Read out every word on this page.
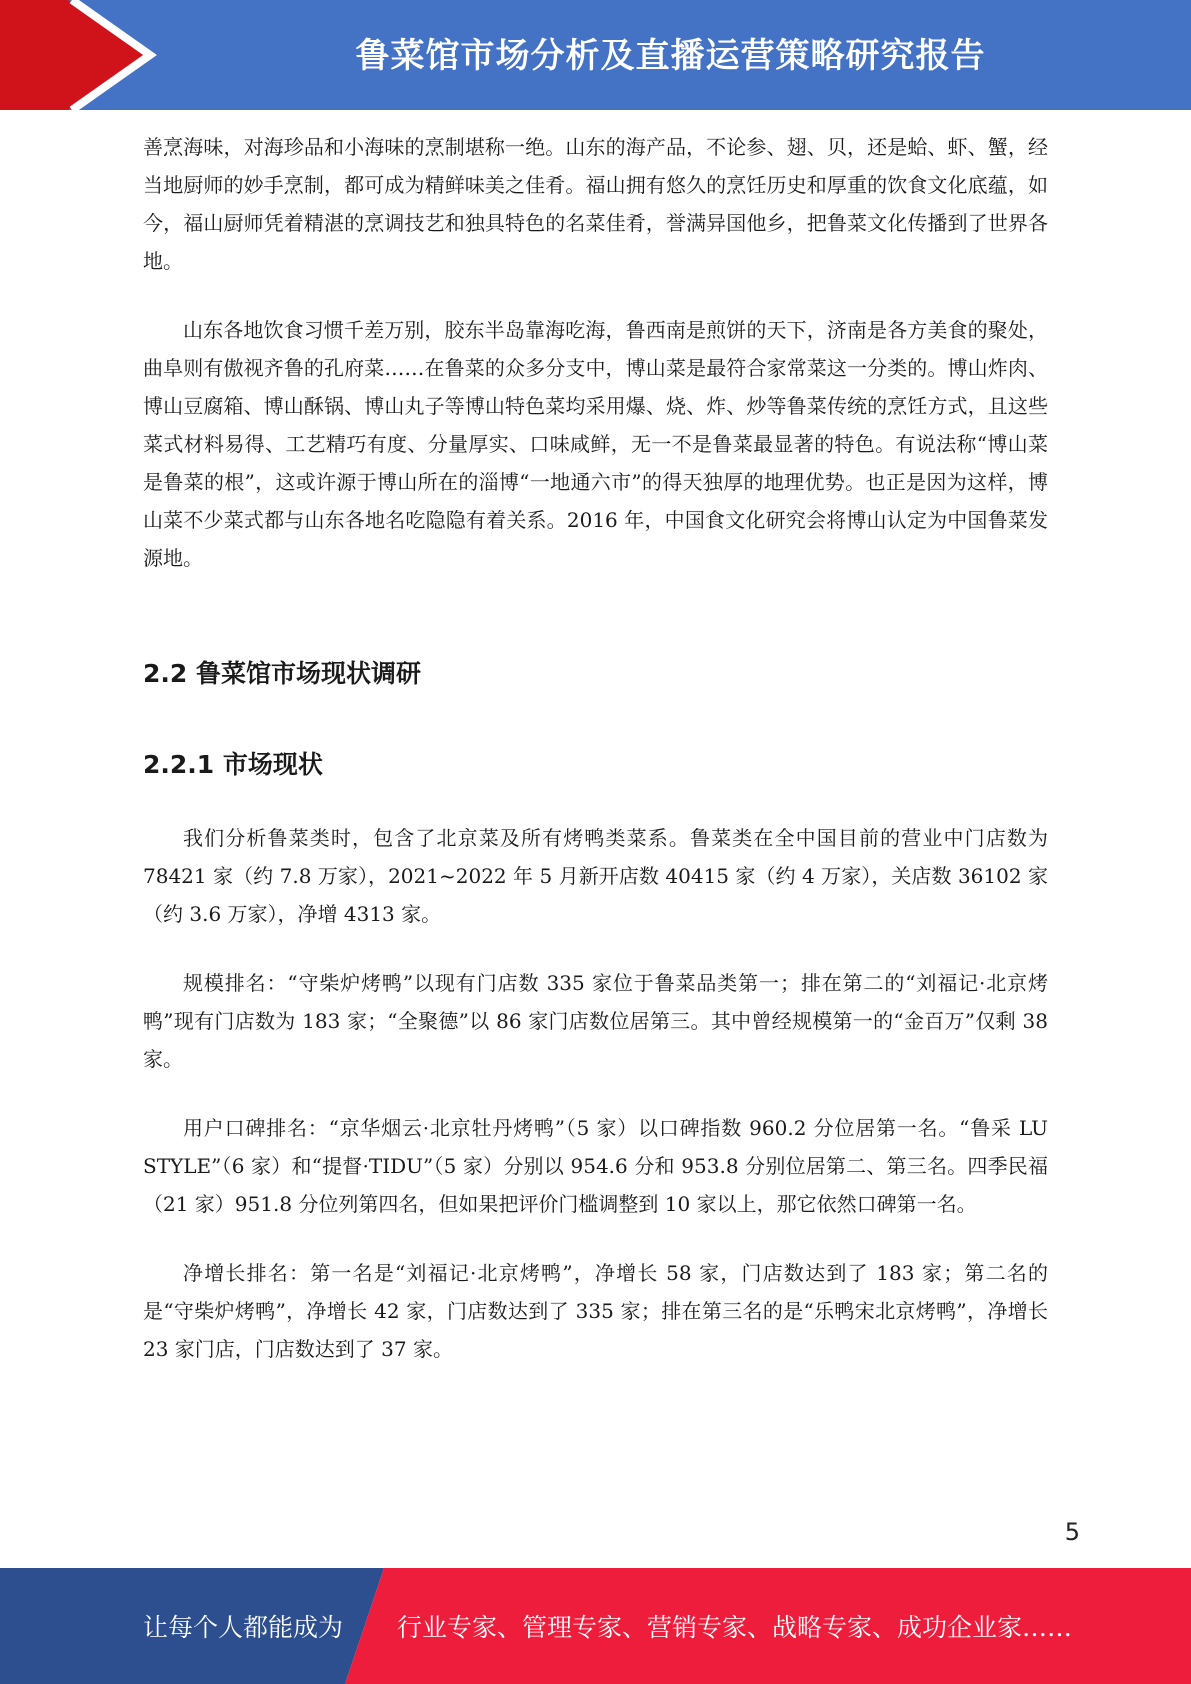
鲁菜馆市场分析及直播运营策略研究报告

善烹海味，对海珍品和小海味的烹制堪称一绝。山东的海产品，不论参、翅、贝，还是蛤、虾、蟹，经当地厨师的妙手烹制，都可成为精鲜味美之佳肴。福山拥有悠久的烹饪历史和厚重的饮食文化底蕴，如今，福山厨师凭着精湛的烹调技艺和独具特色的名菜佳肴，誉满异国他乡，把鲁菜文化传播到了世界各地。

山东各地饮食习惯千差万别，胶东半岛靠海吃海，鲁西南是煎饼的天下，济南是各方美食的聚处，曲阜则有傲视齐鲁的孔府菜……在鲁菜的众多分支中，博山菜是最符合家常菜这一分类的。博山炸肉、博山豆腐箱、博山酥锅、博山丸子等博山特色菜均采用爆、烧、炸、炒等鲁菜传统的烹饪方式，且这些菜式材料易得、工艺精巧有度、分量厚实、口味咸鲜，无一不是鲁菜最显著的特色。有说法称“博山菜是鲁菜的根”，这或许源于博山所在的淄博“一地通六市”的得天独厚的地理优势。也正是因为这样，博山菜不少菜式都与山东各地名吃隐隐有着关系。2016 年，中国食文化研究会将博山认定为中国鲁菜发源地。

2.2 鲁菜馆市场现状调研
2.2.1 市场现状

我们分析鲁菜类时，包含了北京菜及所有烤鸭类菜系。鲁菜类在全中国目前的营业中门店数为 78421 家（约 7.8 万家），2021~2022 年 5 月新开店数 40415 家（约 4 万家），关店数 36102 家（约 3.6 万家），净增 4313 家。

规模排名：“守柴炉烤鸭”以现有门店数 335 家位于鲁菜品类第一；排在第二的“刘福记·北京烤鸭”现有门店数为 183 家；“全聚德”以 86 家门店数位居第三。其中曾经规模第一的“金百万”仅剩 38 家。

用户口碑排名：“京华烟云·北京牡丹烤鸭”（5 家）以口碑指数 960.2 分位居第一名。“鲁采 LU STYLE”（6 家）和“提督·TIDU”（5 家）分别以 954.6 分和 953.8 分别位居第二、第三名。四季民福（21 家）951.8 分位列第四名，但如果把评价门槛调整到 10 家以上，那它依然口碑第一名。

净增长排名：第一名是“刘福记·北京烤鸭”，净增长 58 家，门店数达到了 183 家；第二名的是“守柴炉烤鸭”，净增长 42 家，门店数达到了 335 家；排在第三名的是“乐鸭宋北京烤鸭”，净增长 23 家门店，门店数达到了 37 家。

5
让每个人都能成为 行业专家、管理专家、营销专家、战略专家、成功企业家……
